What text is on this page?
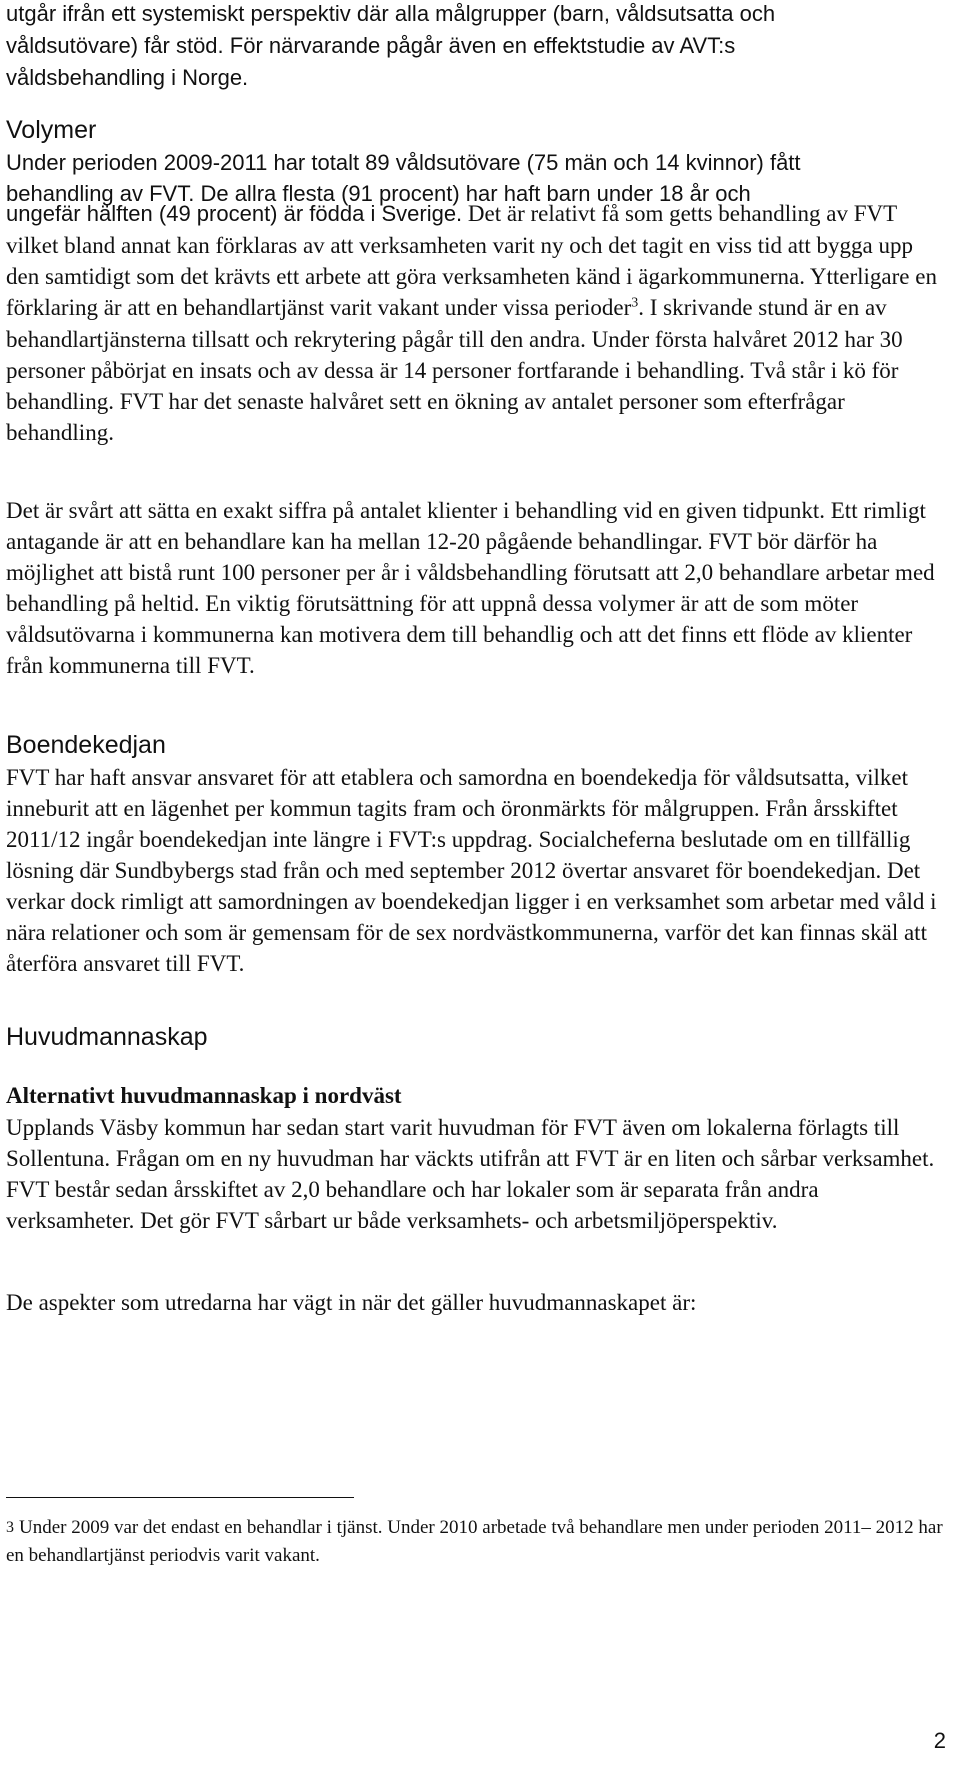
utgår ifrån ett systemiskt perspektiv där alla målgrupper (barn, våldsutsatta och

våldsutövare) får stöd. För närvarande pågår även en effektstudie av AVT:s

våldsbehandling i Norge.

Volymer

Under perioden 2009-2011 har totalt 89 våldsutövare (75 män och 14 kvinnor) fått

behandling av FVT. De allra flesta (91 procent) har haft barn under 18 år och

ungefär hälften (49 procent) är födda i Sverige. Det är relativt få som getts behandling av FVT vilket bland annat kan förklaras av att verksamheten varit ny och det tagit en viss tid att bygga upp den samtidigt som det krävts ett arbete att göra verksamheten känd i ägarkommunerna. Ytterligare en förklaring är att en behandlartjänst varit vakant under vissa perioder$^3$. I skrivande stund är en av behandlartjänsterna tillsatt och rekrytering pågår till den andra. Under första halvåret 2012 har 30 personer påbörjat en insats och av dessa är 14 personer fortfarande i behandling. Två står i kö för behandling. FVT har det senaste halvåret sett en ökning av antalet personer som efterfrågar behandling.

Det är svårt att sätta en exakt siffra på antalet klienter i behandling vid en given tidpunkt. Ett rimligt antagande är att en behandlare kan ha mellan 12-20 pågående behandlingar. FVT bör därför ha möjlighet att bistå runt 100 personer per år i våldsbehandling förutsatt att 2,0 behandlare arbetar med behandling på heltid. En viktig förutsättning för att uppnå dessa volymer är att de som möter våldsutövarna i kommunerna kan motivera dem till behandlig och att det finns ett flöde av klienter från kommunerna till FVT.

Boendekedjan

FVT har haft ansvar ansvaret för att etablera och samordna en boendekedja för våldsutsatta, vilket inneburit att en lägenhet per kommun tagits fram och öronmärkts för målgruppen. Från årsskiftet 2011/12 ingår boendekedjan inte längre i FVT:s uppdrag. Socialcheferna beslutade om en tillfällig lösning där Sundbybergs stad från och med september 2012 övertar ansvaret för boendekedjan. Det verkar dock rimligt att samordningen av boendekedjan ligger i en verksamhet som arbetar med våld i nära relationer och som är gemensam för de sex nordvästkommunerna, varför det kan finnas skäl att återföra ansvaret till FVT.

Huvudmannaskap
Alternativt huvudmannaskap i nordväst

Upplands Väsby kommun har sedan start varit huvudman för FVT även om lokalerna förlagts till Sollentuna. Frågan om en ny huvudman har väckts utifrån att FVT är en liten och sårbar verksamhet. FVT består sedan årsskiftet av 2,0 behandlare och har lokaler som är separata från andra verksamheter. Det gör FVT sårbart ur både verksamhets- och arbetsmiljöperspektiv.

De aspekter som utredarna har vägt in när det gäller huvudmannaskapet är:

$^3$ Under 2009 var det endast en behandlar i tjänst. Under 2010 arbetade två behandlare men under perioden 2011– 2012 har en behandlartjänst periodvis varit vakant.
2
